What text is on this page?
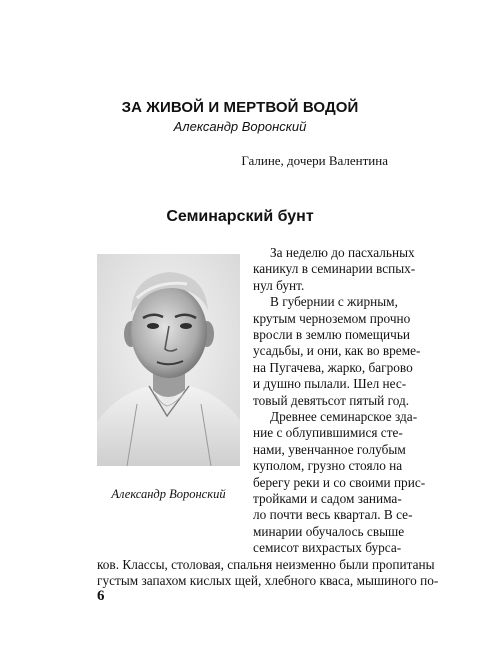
ЗА ЖИВОЙ И МЕРТВОЙ ВОДОЙ
Александр Воронский
Галине, дочери Валентина
Семинарский бунт
Александр Воронский
За неделю до пасхальных
каникул в семинарии вспых-
нул бунт.
В губернии с жирным,
крутым черноземом прочно
вросли в землю помещичьи
усадьбы, и они, как во време-
на Пугачева, жарко, багрово
и душно пылали. Шел нес-
товый девятьсот пятый год.
Древнее семинарское зда-
ние с облупившимися сте-
нами, увенчанное голубым
куполом, грузно стояло на
берегу реки и со своими прис-
тройками и садом занима-
ло почти весь квартал. В се-
минарии обучалось свыше
семисот вихрастых бурса-
ков. Классы, столовая, спальня неизменно были пропитаны
густым запахом кислых щей, хлебного кваса, мышиного по-
6
